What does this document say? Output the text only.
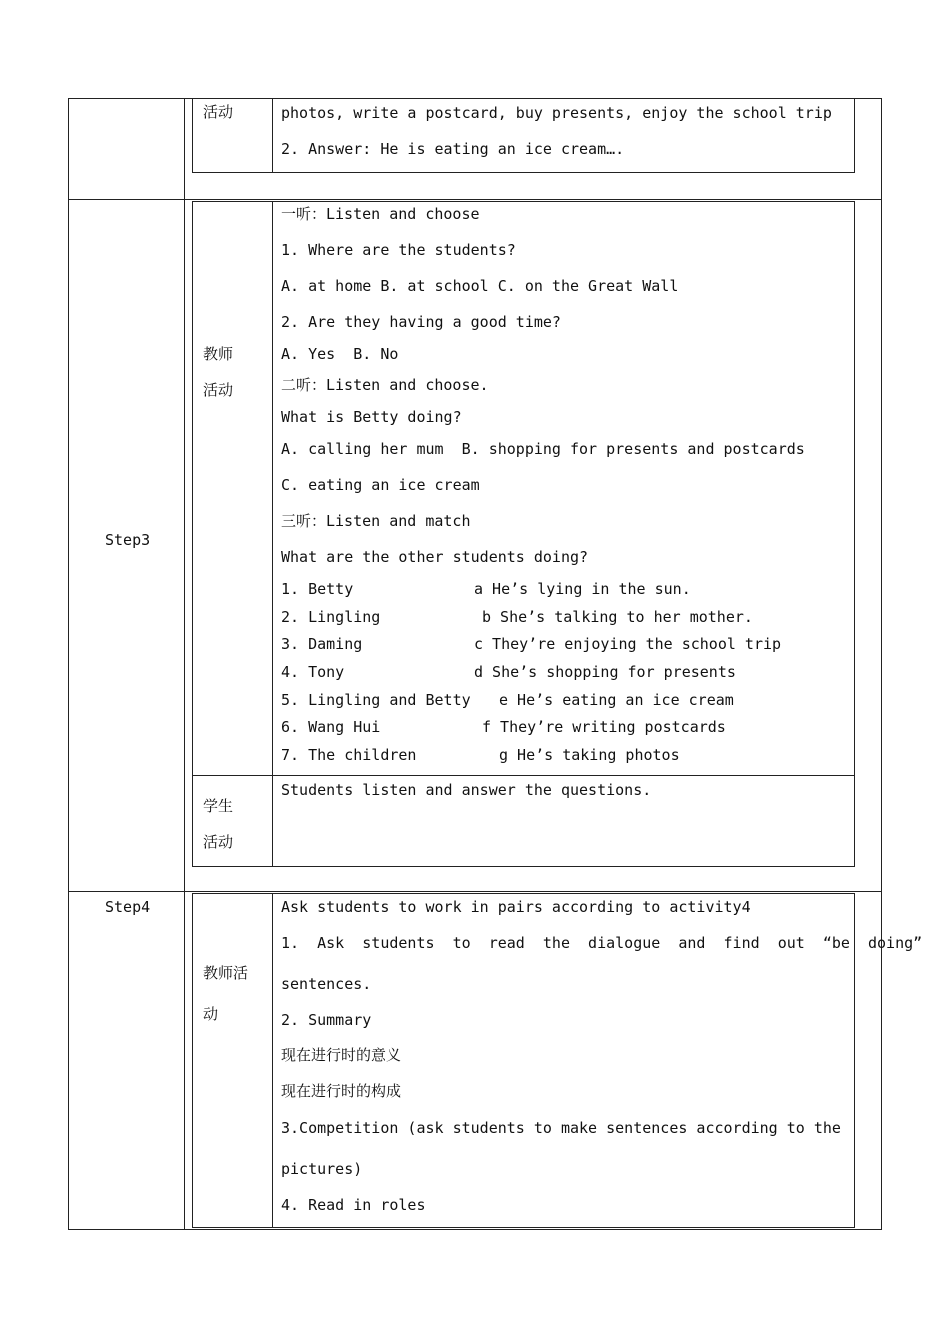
活动	photos, write a postcard, buy presents, enjoy the school trip
2. Answer: He is eating an ice cream….
Step3
教师
活动
一听：Listen and choose
1. Where are the students?
A. at home B. at school C. on the Great Wall
2. Are they having a good time?
A. Yes  B. No
二听：Listen and choose.
What is Betty doing?
A. calling her mum  B. shopping for presents and postcards
C. eating an ice cream
三听：Listen and match
What are the other students doing?
1. Betty
2. Lingling
3. Daming
4. Tony
5. Lingling and Betty
6. Wang Hui
7. The children
a He’s lying in the sun.
b She’s talking to her mother.
c They’re enjoying the school trip
d She’s shopping for presents
e He’s eating an ice cream
f They’re writing postcards
g He’s taking photos
学生
活动
Students listen and answer the questions.
Step4
教师活
动
Ask students to work in pairs according to activity4
1.  Ask  students  to  read  the  dialogue  and  find  out  “be  doing”
sentences.
2. Summary
现在进行时的意义
现在进行时的构成
3.Competition (ask students to make sentences according to the
pictures)
4. Read in roles
